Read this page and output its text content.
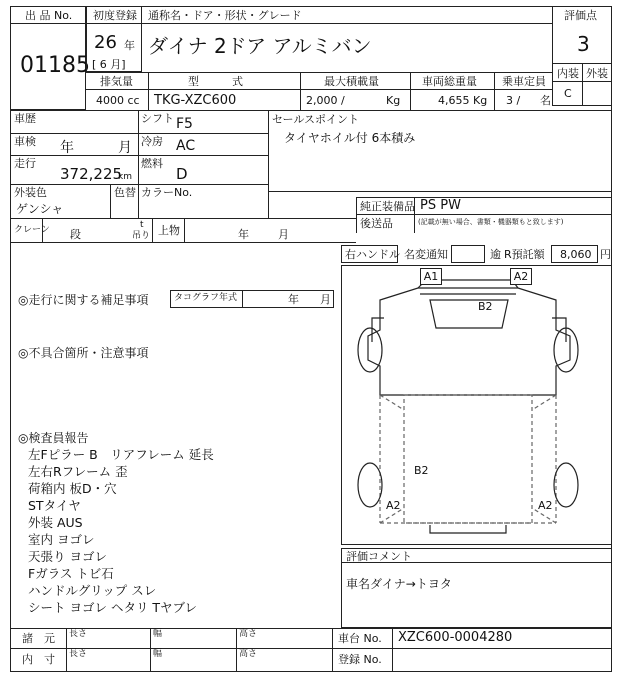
出 品 No.
01185
初度登録
26 年
[ 6 月]
通称名・ドア・形状・グレード
ダイナ 2ドア アルミバン
評価点
3
内装 外装
C
排気量
4000 cc
型　　　式
TKG-XZC600
最大積載量
2,000 /	Kg
車両総重量
4,655 Kg
乗車定員
3 / 名
車歴	シフト F5
車検 年	月 冷房 AC
走行
372,225
km
燃料
D
外装色	色替 カラーNo.
ゲンシャ
セールスポイント
タイヤホイル付 6本積み
純正装備品 PS PW
後送品	(記載が無い場合、書類・機器類もと致します)
クレーン 段
t
吊り 上物	年	月
右ハンドル 名変通知	逾 R預託額 8,060 円
◎走行に関する補足事項	タコグラフ年式	年 月
◎不具合箇所・注意事項
◎検査員報告
左Fピラー B　リアフレーム 延長
左右Rフレーム 歪
荷箱内 板D・穴
STタイヤ
外装 AUS
室内 ヨゴレ
天張り ヨゴレ
Fガラス トビ石
ハンドルグリップ スレ
シート ヨゴレ ヘタリ Tヤブレ
A1	A2
B2
B2
A2	A2
評価コメント
車名ダイナ→トヨタ
諸　元
内　寸
長さ	幅	高さ
長さ	幅	高さ
車台 No. XZC600-0004280
登録 No.
